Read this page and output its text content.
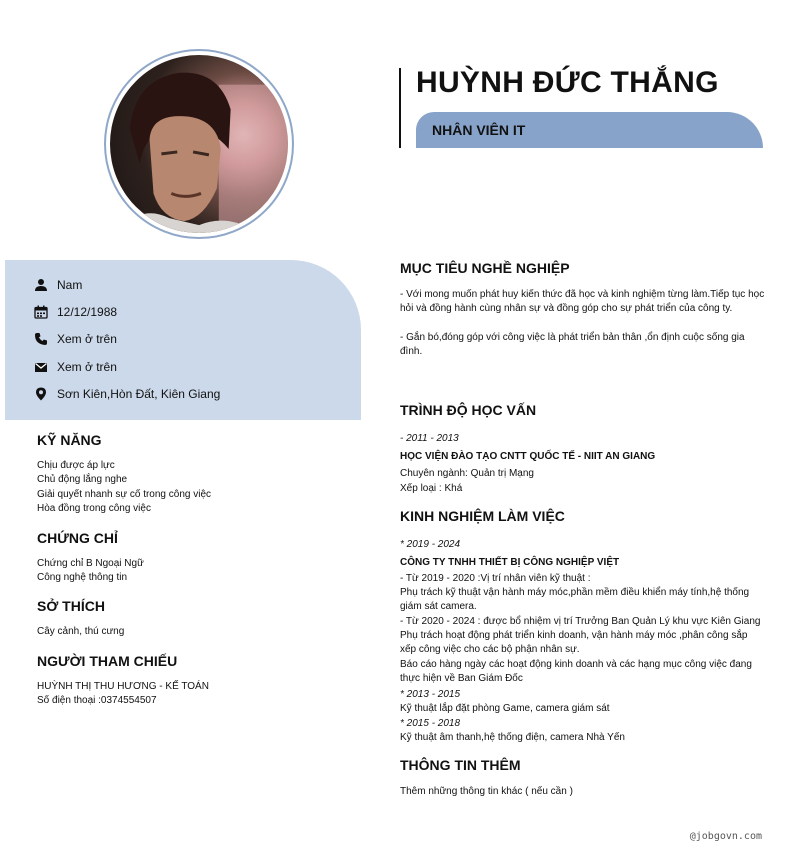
HUỲNH ĐỨC THẮNG
NHÂN VIÊN IT
Nam
12/12/1988
Xem ở trên
Xem ở trên
Sơn Kiên,Hòn Đất, Kiên Giang
KỸ NĂNG
Chịu được áp lực
Chủ động lắng nghe
Giải quyết nhanh sự cố trong công việc
Hòa đồng trong công việc
CHỨNG CHỈ
Chứng chỉ B Ngoại Ngữ
Công nghệ thông tin
SỞ THÍCH
Cây cảnh, thú cưng
NGƯỜI THAM CHIẾU
HUỲNH THỊ THU HƯƠNG - KẾ TOÁN
Số điện thoại :0374554507
MỤC TIÊU NGHỀ NGHIỆP
- Với mong muốn phát huy kiến thức đã học và kinh nghiệm từng làm.Tiếp tục học hỏi và đồng hành cùng nhân sự và đồng góp cho sự phát triển của công ty.
- Gắn bó,đóng góp với công việc là phát triển bản thân ,ổn định cuộc sống gia đình.
TRÌNH ĐỘ HỌC VẤN
- 2011 - 2013
HỌC VIỆN ĐÀO TẠO CNTT QUỐC TẾ - NIIT AN GIANG
Chuyên ngành: Quản trị Mạng
Xếp loại : Khá
KINH NGHIỆM LÀM VIỆC
* 2019 - 2024
CÔNG TY TNHH THIẾT BỊ CÔNG NGHIỆP VIỆT
- Từ 2019 - 2020 :Vị trí nhân viên kỹ thuật :
Phụ trách kỹ thuật vận hành máy móc,phần mềm điều khiển máy tính,hệ thống giám sát camera.
- Từ 2020 - 2024 : được bổ nhiệm vị trí Trưởng Ban Quản Lý khu vực Kiên Giang
Phụ trách hoạt động phát triển kinh doanh, vận hành máy móc ,phân công sắp xếp công việc cho các bộ phận nhân sự.
Báo cáo hàng ngày các hoạt động kinh doanh và các hạng mục công việc đang thực hiện về Ban Giám Đốc
* 2013 - 2015
Kỹ thuật lắp đặt phòng Game, camera giám sát
* 2015 - 2018
Kỹ thuật âm thanh,hệ thống điện, camera Nhà Yến
THÔNG TIN THÊM
Thêm những thông tin khác ( nếu cần )
@jobgovn.com
